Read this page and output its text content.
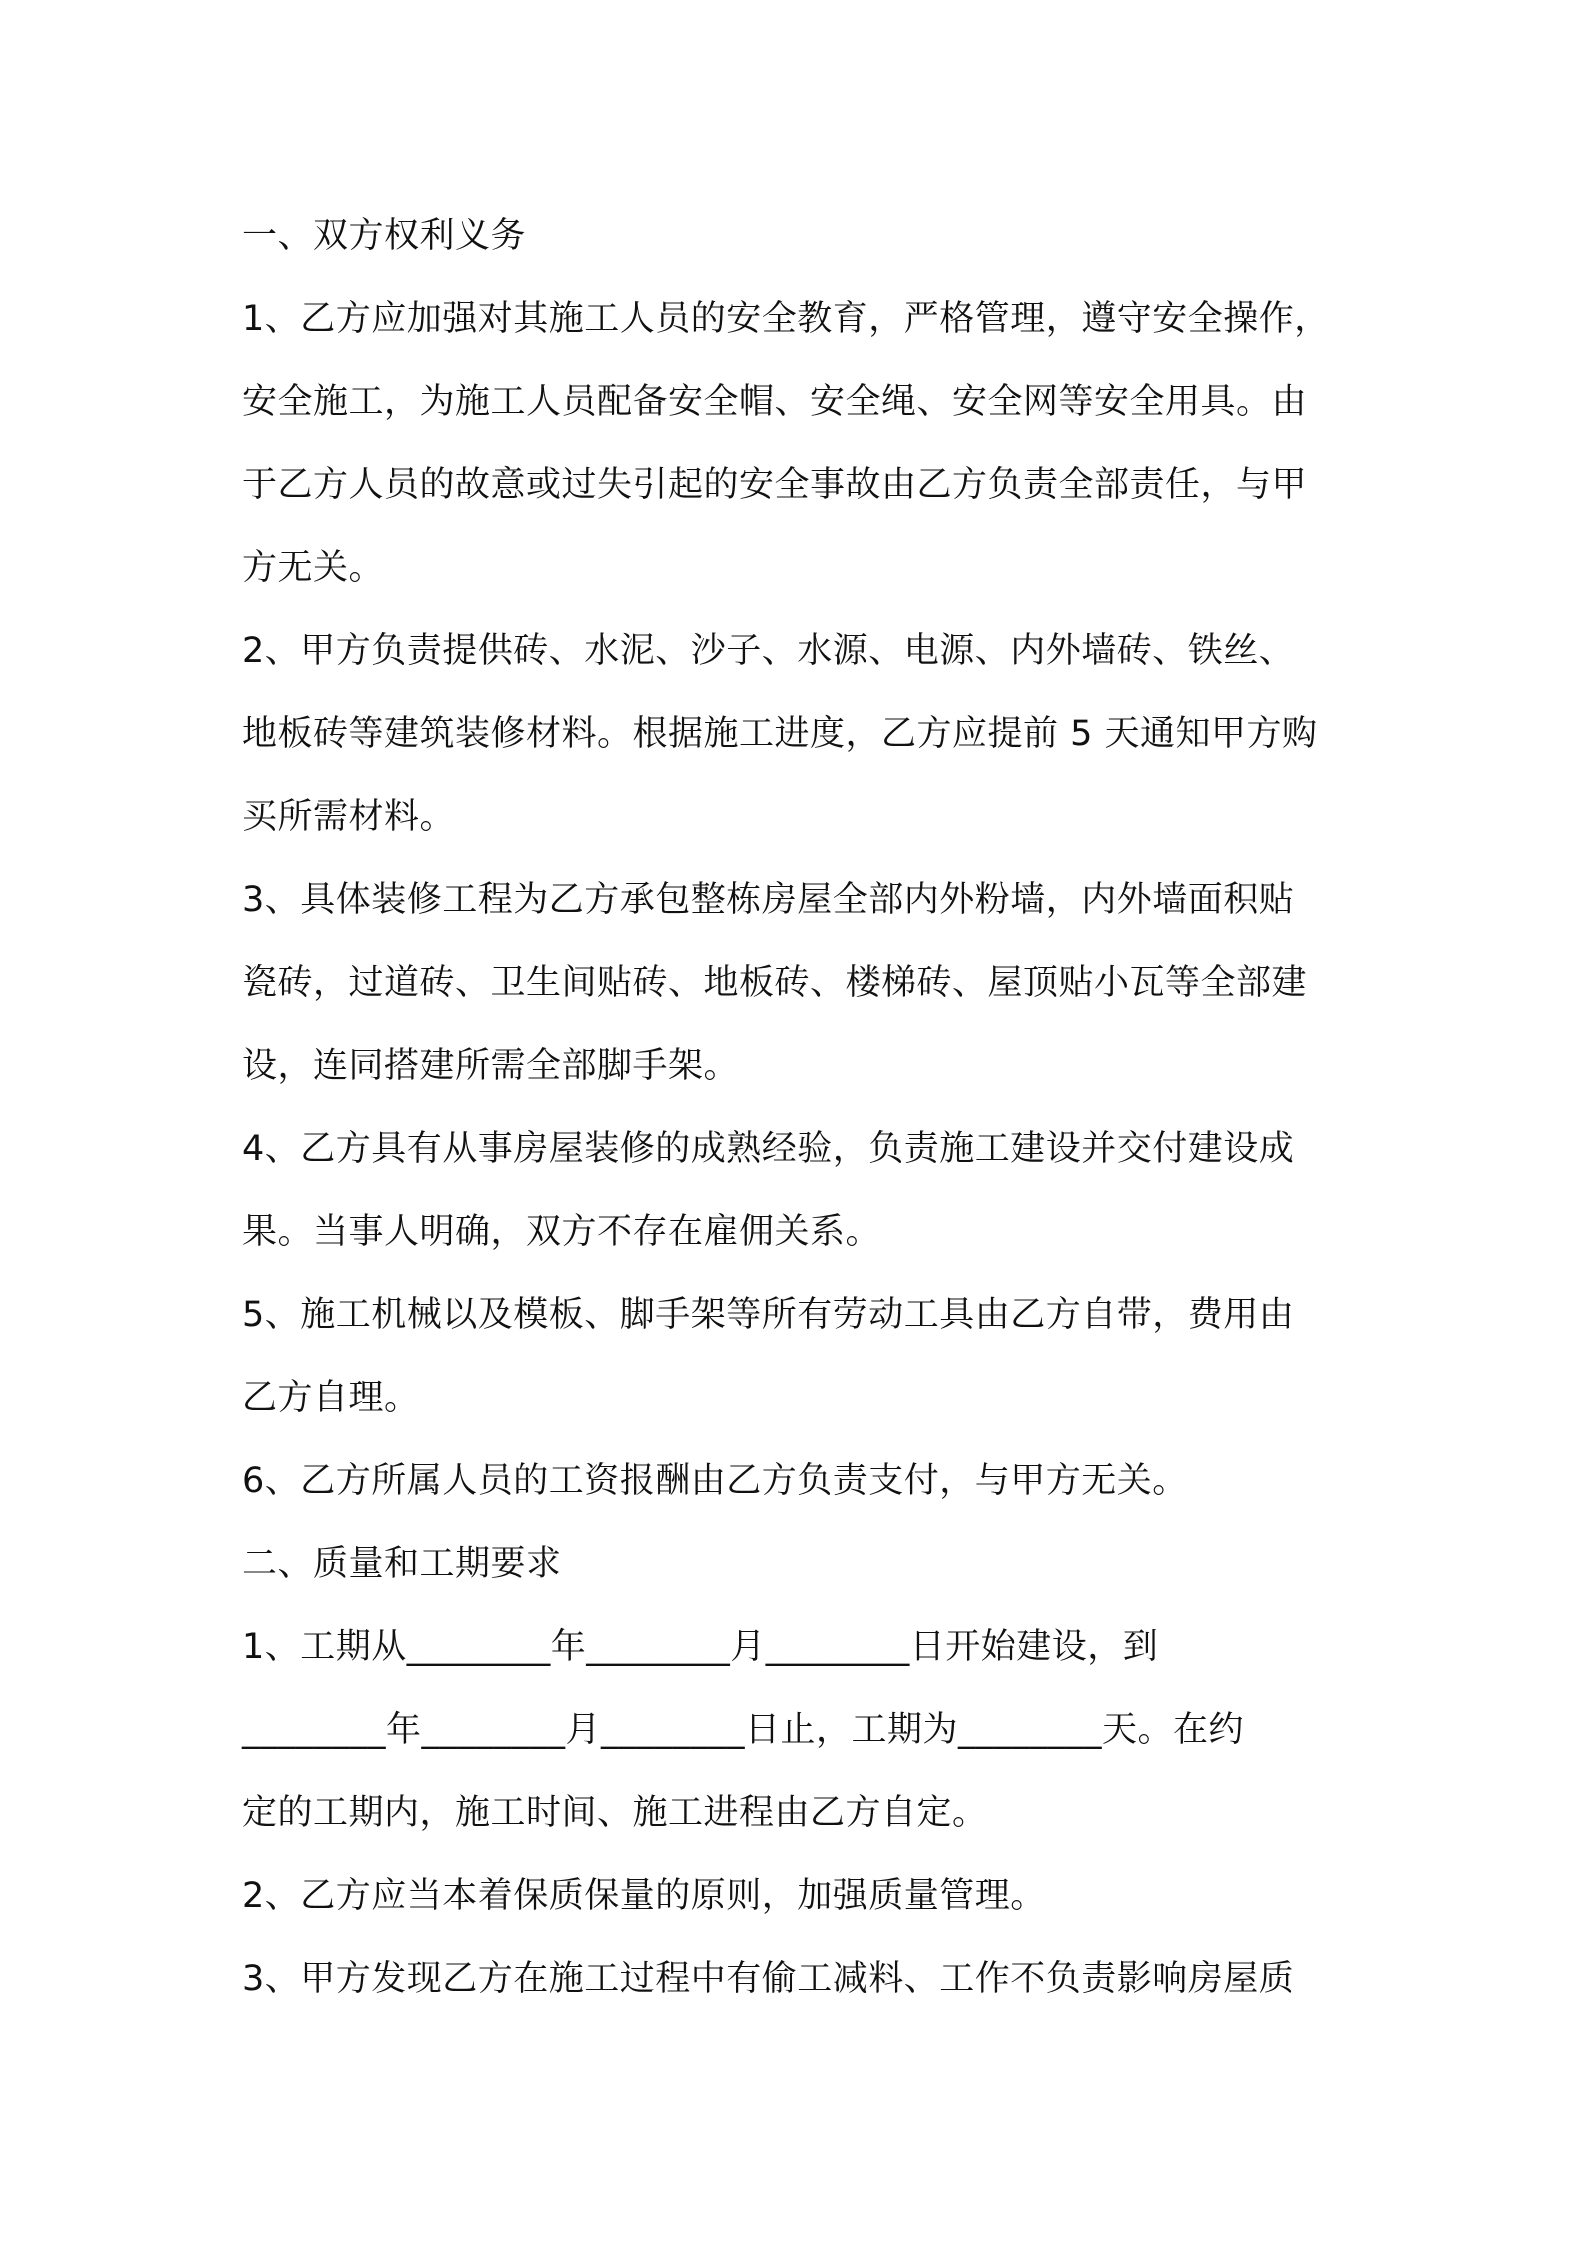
一、双方权利义务
1、乙方应加强对其施工人员的安全教育，严格管理，遵守安全操作，
安全施工，为施工人员配备安全帽、安全绳、安全网等安全用具。由
于乙方人员的故意或过失引起的安全事故由乙方负责全部责任，与甲
方无关。
2、甲方负责提供砖、水泥、沙子、水源、电源、内外墙砖、铁丝、
地板砖等建筑装修材料。根据施工进度，乙方应提前 5 天通知甲方购
买所需材料。
3、具体装修工程为乙方承包整栋房屋全部内外粉墙，内外墙面积贴
瓷砖，过道砖、卫生间贴砖、地板砖、楼梯砖、屋顶贴小瓦等全部建
设，连同搭建所需全部脚手架。
4、乙方具有从事房屋装修的成熟经验，负责施工建设并交付建设成
果。当事人明确，双方不存在雇佣关系。
5、施工机械以及模板、脚手架等所有劳动工具由乙方自带，费用由
乙方自理。
6、乙方所属人员的工资报酬由乙方负责支付，与甲方无关。
二、质量和工期要求
1、工期从________年________月________日开始建设，到
________年________月________日止，工期为________天。在约
定的工期内，施工时间、施工进程由乙方自定。
2、乙方应当本着保质保量的原则，加强质量管理。
3、甲方发现乙方在施工过程中有偷工减料、工作不负责影响房屋质
